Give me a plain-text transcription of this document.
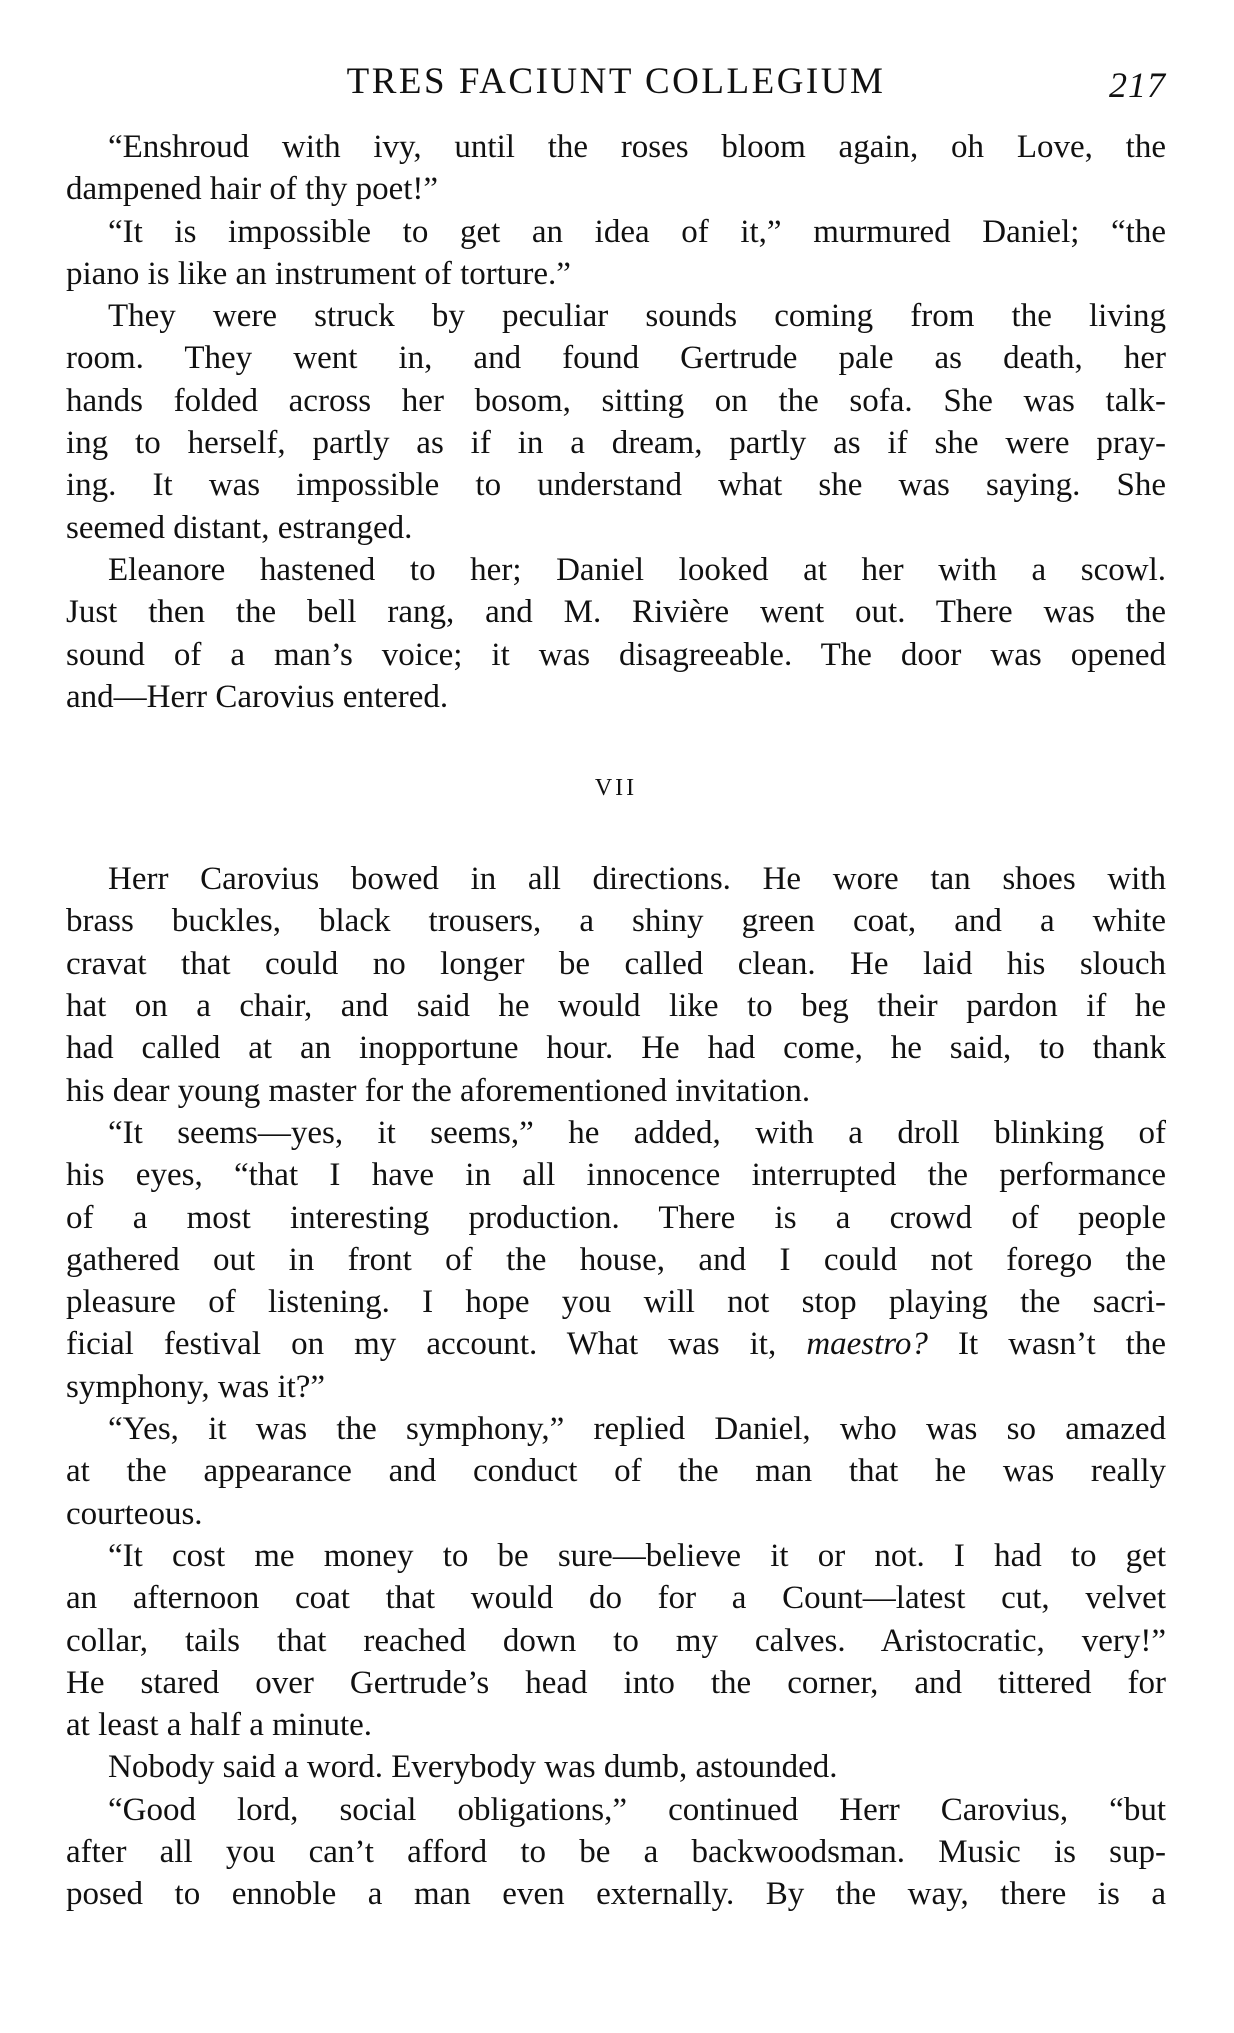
TRES FACIUNT COLLEGIUM	217
“Enshroud with ivy, until the roses bloom again, oh Love, the
dampened hair of thy poet!”
“It is impossible to get an idea of it,” murmured Daniel; “the
piano is like an instrument of torture.”
They were struck by peculiar sounds coming from the living
room. They went in, and found Gertrude pale as death, her
hands folded across her bosom, sitting on the sofa. She was talk-
ing to herself, partly as if in a dream, partly as if she were pray-
ing. It was impossible to understand what she was saying. She
seemed distant, estranged.
Eleanore hastened to her; Daniel looked at her with a scowl.
Just then the bell rang, and M. Rivière went out. There was the
sound of a man’s voice; it was disagreeable. The door was opened
and—Herr Carovius entered.
VII
Herr Carovius bowed in all directions. He wore tan shoes with
brass buckles, black trousers, a shiny green coat, and a white
cravat that could no longer be called clean. He laid his slouch
hat on a chair, and said he would like to beg their pardon if he
had called at an inopportune hour. He had come, he said, to thank
his dear young master for the aforementioned invitation.
“It seems—yes, it seems,” he added, with a droll blinking of
his eyes, “that I have in all innocence interrupted the performance
of a most interesting production. There is a crowd of people
gathered out in front of the house, and I could not forego the
pleasure of listening. I hope you will not stop playing the sacri-
ficial festival on my account. What was it, maestro? It wasn’t the
symphony, was it?”
“Yes, it was the symphony,” replied Daniel, who was so amazed
at the appearance and conduct of the man that he was really
courteous.
“It cost me money to be sure—believe it or not. I had to get
an afternoon coat that would do for a Count—latest cut, velvet
collar, tails that reached down to my calves. Aristocratic, very!”
He stared over Gertrude’s head into the corner, and tittered for
at least a half a minute.
Nobody said a word. Everybody was dumb, astounded.
“Good lord, social obligations,” continued Herr Carovius, “but
after all you can’t afford to be a backwoodsman. Music is sup-
posed to ennoble a man even externally. By the way, there is a
